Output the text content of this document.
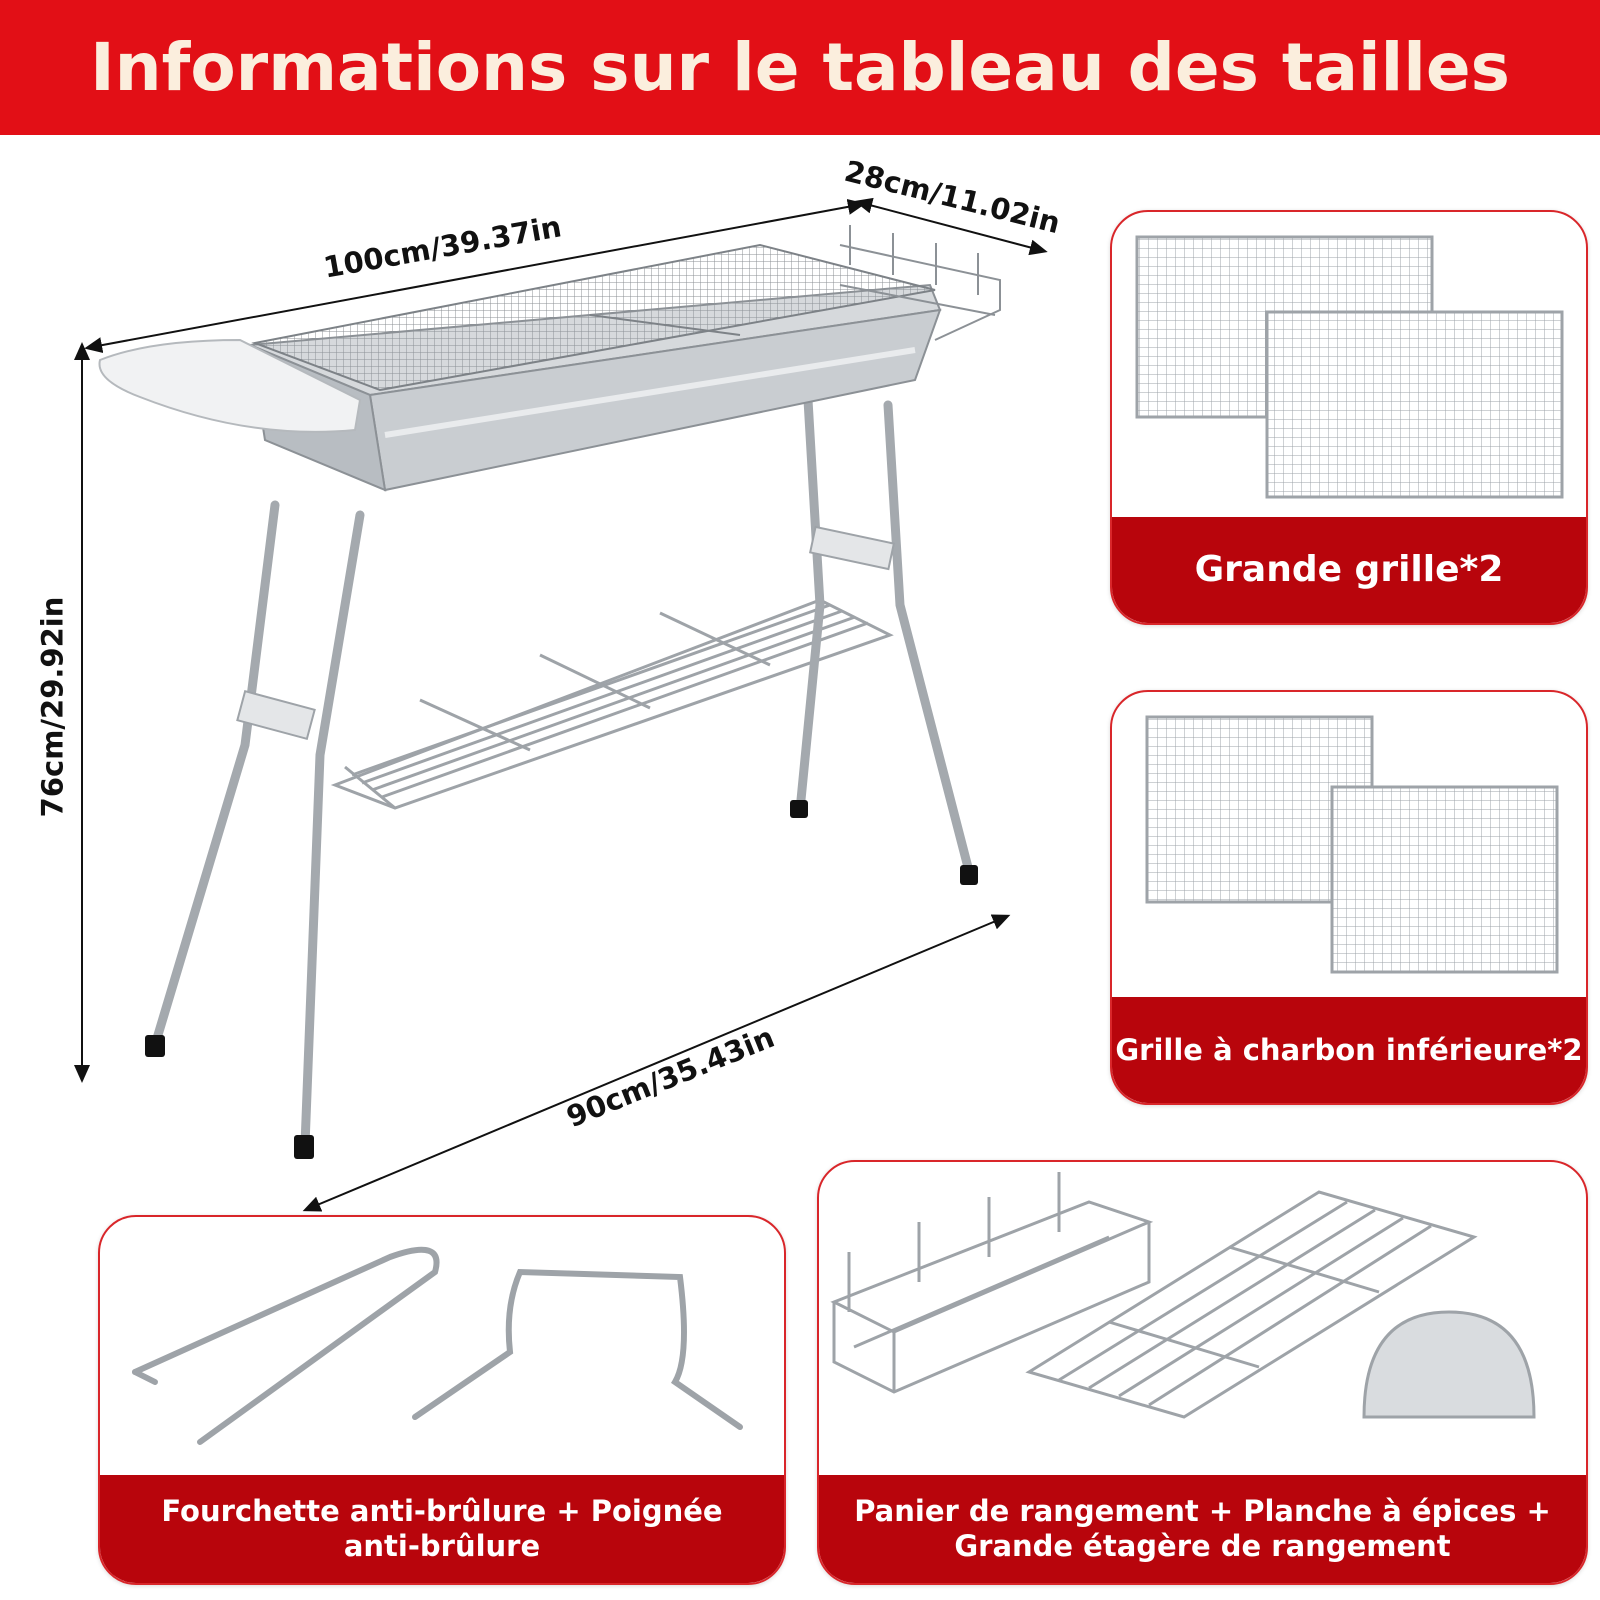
Informations sur le tableau des tailles
100cm/39.37in
28cm/11.02in
76cm/29.92in
90cm/35.43in
Grande grille*2
Grille à charbon inférieure*2
Fourchette anti-brûlure + Poignée
anti-brûlure
Panier de rangement + Planche à épices +
Grande étagère de rangement
